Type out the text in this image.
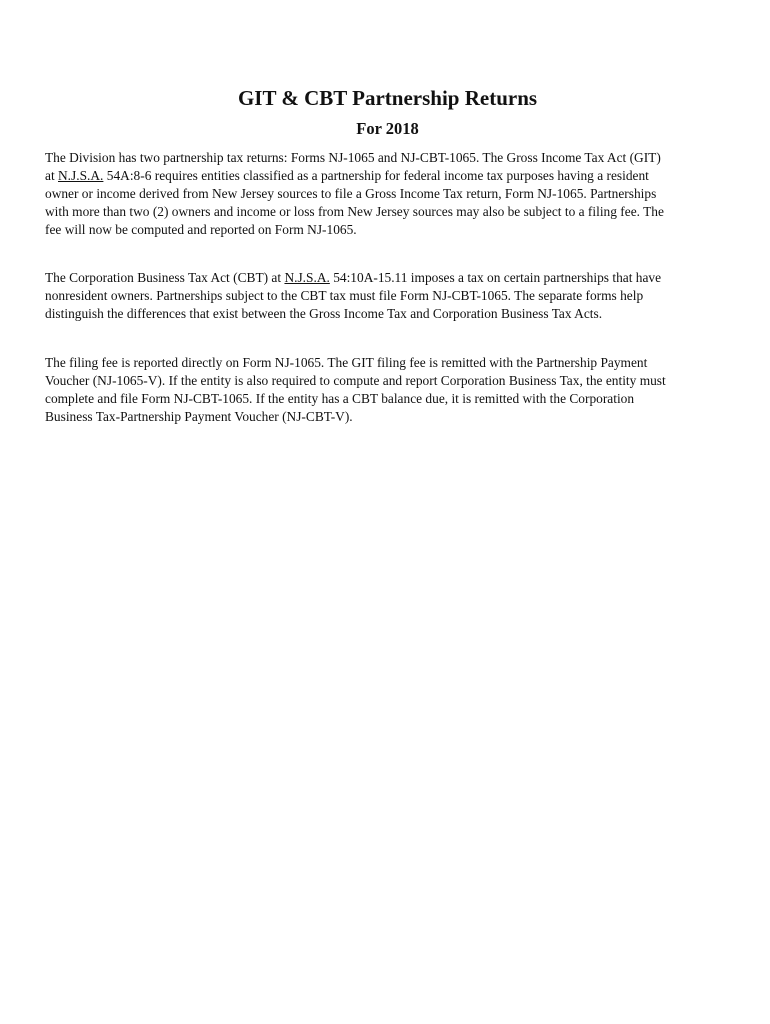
GIT & CBT Partnership Returns
For 2018

The Division has two partnership tax returns: Forms NJ-1065 and NJ-CBT-1065. The Gross Income Tax Act (GIT)
at N.J.S.A. 54A:8-6 requires entities classified as a partnership for federal income tax purposes having a resident
owner or income derived from New Jersey sources to file a Gross Income Tax return, Form NJ-1065. Partnerships
with more than two (2) owners and income or loss from New Jersey sources may also be subject to a filing fee. The
fee will now be computed and reported on Form NJ-1065.

The Corporation Business Tax Act (CBT) at N.J.S.A. 54:10A-15.11 imposes a tax on certain partnerships that have
nonresident owners. Partnerships subject to the CBT tax must file Form NJ-CBT-1065. The separate forms help
distinguish the differences that exist between the Gross Income Tax and Corporation Business Tax Acts.

The filing fee is reported directly on Form NJ-1065. The GIT filing fee is remitted with the Partnership Payment
Voucher (NJ-1065-V). If the entity is also required to compute and report Corporation Business Tax, the entity must
complete and file Form NJ-CBT-1065. If the entity has a CBT balance due, it is remitted with the Corporation
Business Tax-Partnership Payment Voucher (NJ-CBT-V).
